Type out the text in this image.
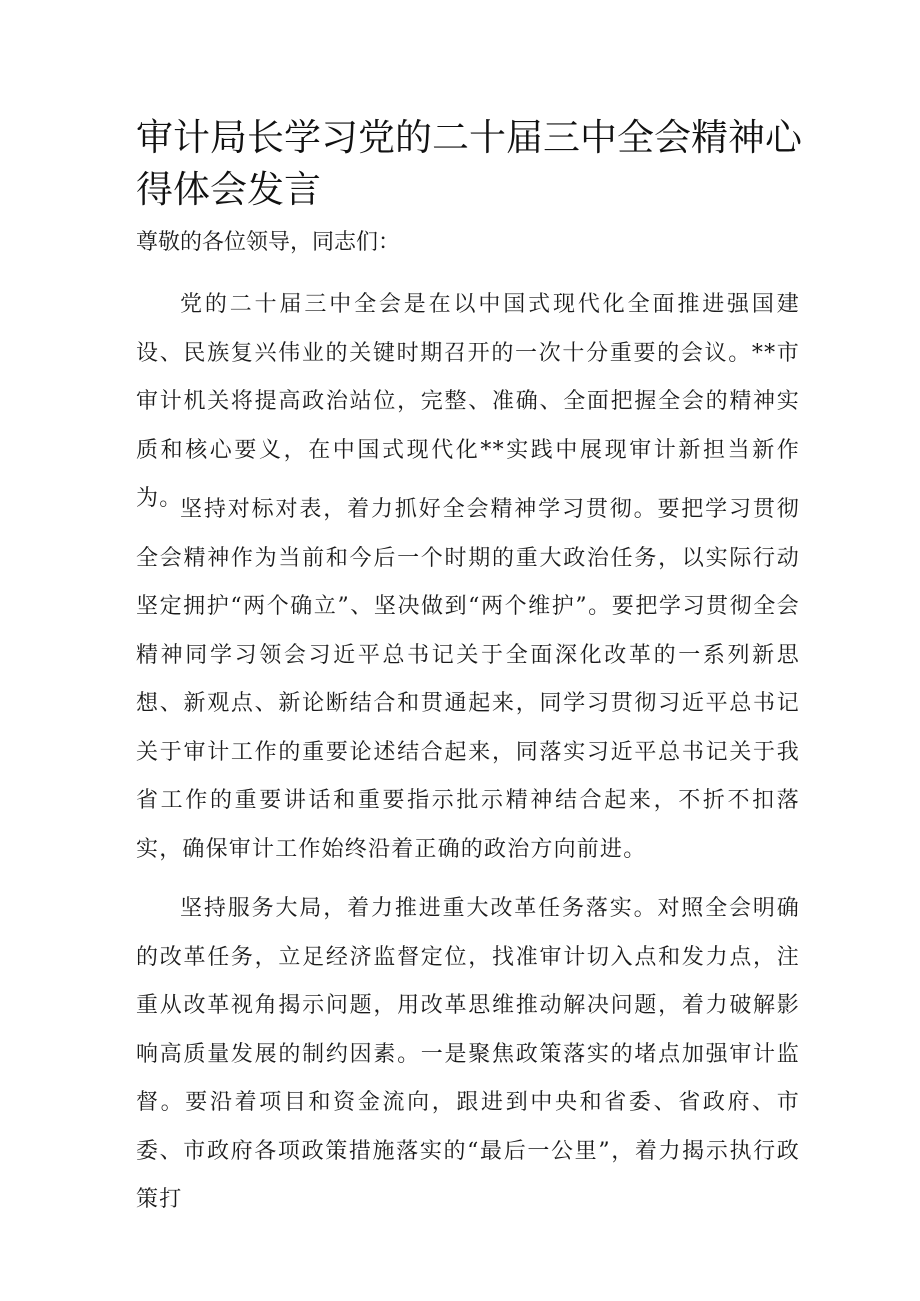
审计局长学习党的二十届三中全会精神心得体会发言

尊敬的各位领导，同志们：

党的二十届三中全会是在以中国式现代化全面推进强国建设、民族复兴伟业的关键时期召开的一次十分重要的会议。**市审计机关将提高政治站位，完整、准确、全面把握全会的精神实质和核心要义，在中国式现代化**实践中展现审计新担当新作为。

坚持对标对表，着力抓好全会精神学习贯彻。要把学习贯彻全会精神作为当前和今后一个时期的重大政治任务，以实际行动坚定拥护“两个确立”、坚决做到“两个维护”。要把学习贯彻全会精神同学习领会习近平总书记关于全面深化改革的一系列新思想、新观点、新论断结合和贯通起来，同学习贯彻习近平总书记关于审计工作的重要论述结合起来，同落实习近平总书记关于我省工作的重要讲话和重要指示批示精神结合起来，不折不扣落实，确保审计工作始终沿着正确的政治方向前进。

坚持服务大局，着力推进重大改革任务落实。对照全会明确的改革任务，立足经济监督定位，找准审计切入点和发力点，注重从改革视角揭示问题，用改革思维推动解决问题，着力破解影响高质量发展的制约因素。一是聚焦政策落实的堵点加强审计监督。要沿着项目和资金流向，跟进到中央和省委、省政府、市委、市政府各项政策措施落实的“最后一公里”，着力揭示执行政策打
